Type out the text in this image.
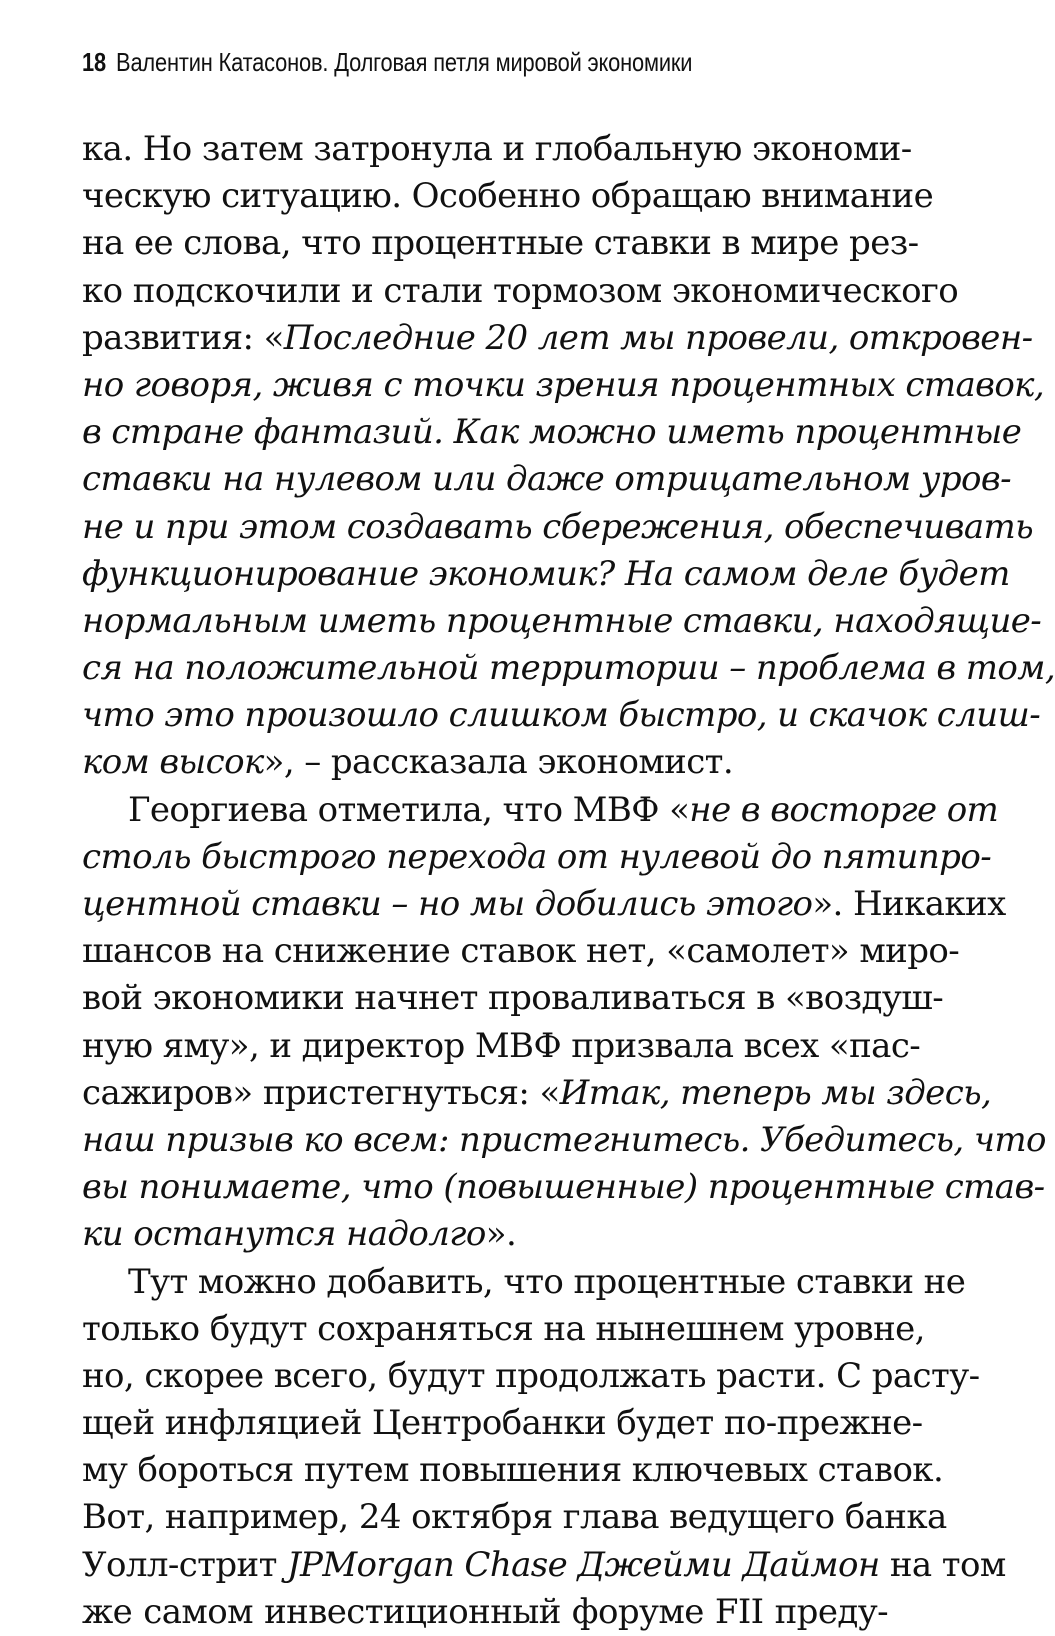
18 Валентин Катасонов. Долговая петля мировой экономики
ка. Но затем затронула и глобальную экономи-
ческую ситуацию. Особенно обращаю внимание
на ее слова, что процентные ставки в мире рез-
ко подскочили и стали тормозом экономического
развития: «Последние 20 лет мы провели, откровен-
но говоря, живя с точки зрения процентных ставок,
в стране фантазий. Как можно иметь процентные
ставки на нулевом или даже отрицательном уров-
не и при этом создавать сбережения, обеспечивать
функционирование экономик? На самом деле будет
нормальным иметь процентные ставки, находящие-
ся на положительной территории – проблема в том,
что это произошло слишком быстро, и скачок слиш-
ком высок», – рассказала экономист.
Георгиева отметила, что МВФ «не в восторге от
столь быстрого перехода от нулевой до пятипро-
центной ставки – но мы добились этого». Никаких
шансов на снижение ставок нет, «самолет» миро-
вой экономики начнет проваливаться в «воздуш-
ную яму», и директор МВФ призвала всех «пас-
сажиров» пристегнуться: «Итак, теперь мы здесь,
наш призыв ко всем: пристегнитесь. Убедитесь, что
вы понимаете, что (повышенные) процентные став-
ки останутся надолго».
Тут можно добавить, что процентные ставки не
только будут сохраняться на нынешнем уровне,
но, скорее всего, будут продолжать расти. С расту-
щей инфляцией Центробанки будет по-прежне-
му бороться путем повышения ключевых ставок.
Вот, например, 24 октября глава ведущего банка
Уолл-стрит JPMorgan Chase Джейми Даймон на том
же самом инвестиционный форуме FII преду-
